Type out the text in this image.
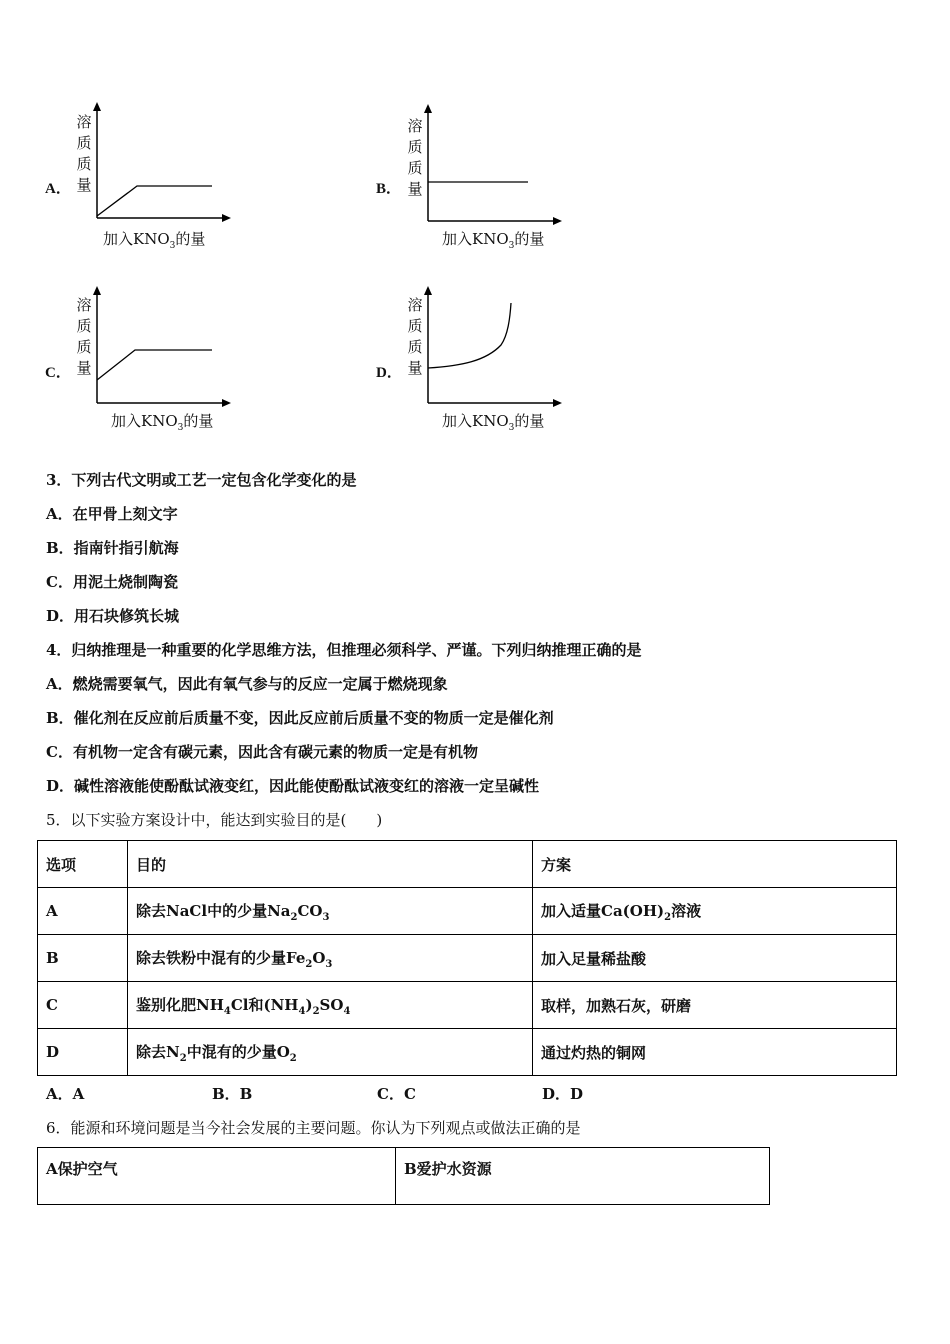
A．
溶
质
质
量
加入$KNO_3$的量
B．
溶
质
质
量
加入$KNO_3$的量
C．
溶
质
质
量
加入$KNO_3$的量
D．
溶
质
质
量
加入$KNO_3$的量
3．下列古代文明或工艺一定包含化学变化的是
A．在甲骨上刻文字
B．指南针指引航海
C．用泥土烧制陶瓷
D．用石块修筑长城
4．归纳推理是一种重要的化学思维方法，但推理必须科学、严谨。下列归纳推理正确的是
A．燃烧需要氧气，因此有氧气参与的反应一定属于燃烧现象
B．催化剂在反应前后质量不变，因此反应前后质量不变的物质一定是催化剂
C．有机物一定含有碳元素，因此含有碳元素的物质一定是有机物
D．碱性溶液能使酚酞试液变红，因此能使酚酞试液变红的溶液一定呈碱性
5．以下实验方案设计中，能达到实验目的是(　　)
选项	目的	方案
A	除去NaCl中的少量$Na_2CO_3$	加入适量$Ca(OH)_2$溶液
B	除去铁粉中混有的少量$Fe_2O_3$	加入足量稀盐酸
C	鉴别化肥$NH_4Cl$和$(NH_4)_2SO_4$	取样，加熟石灰，研磨
D	除去$N_2$中混有的少量$O_2$	通过灼热的铜网
A．A	B．B	C．C	D．D
6．能源和环境问题是当今社会发展的主要问题。你认为下列观点或做法正确的是
A保护空气	B爱护水资源
